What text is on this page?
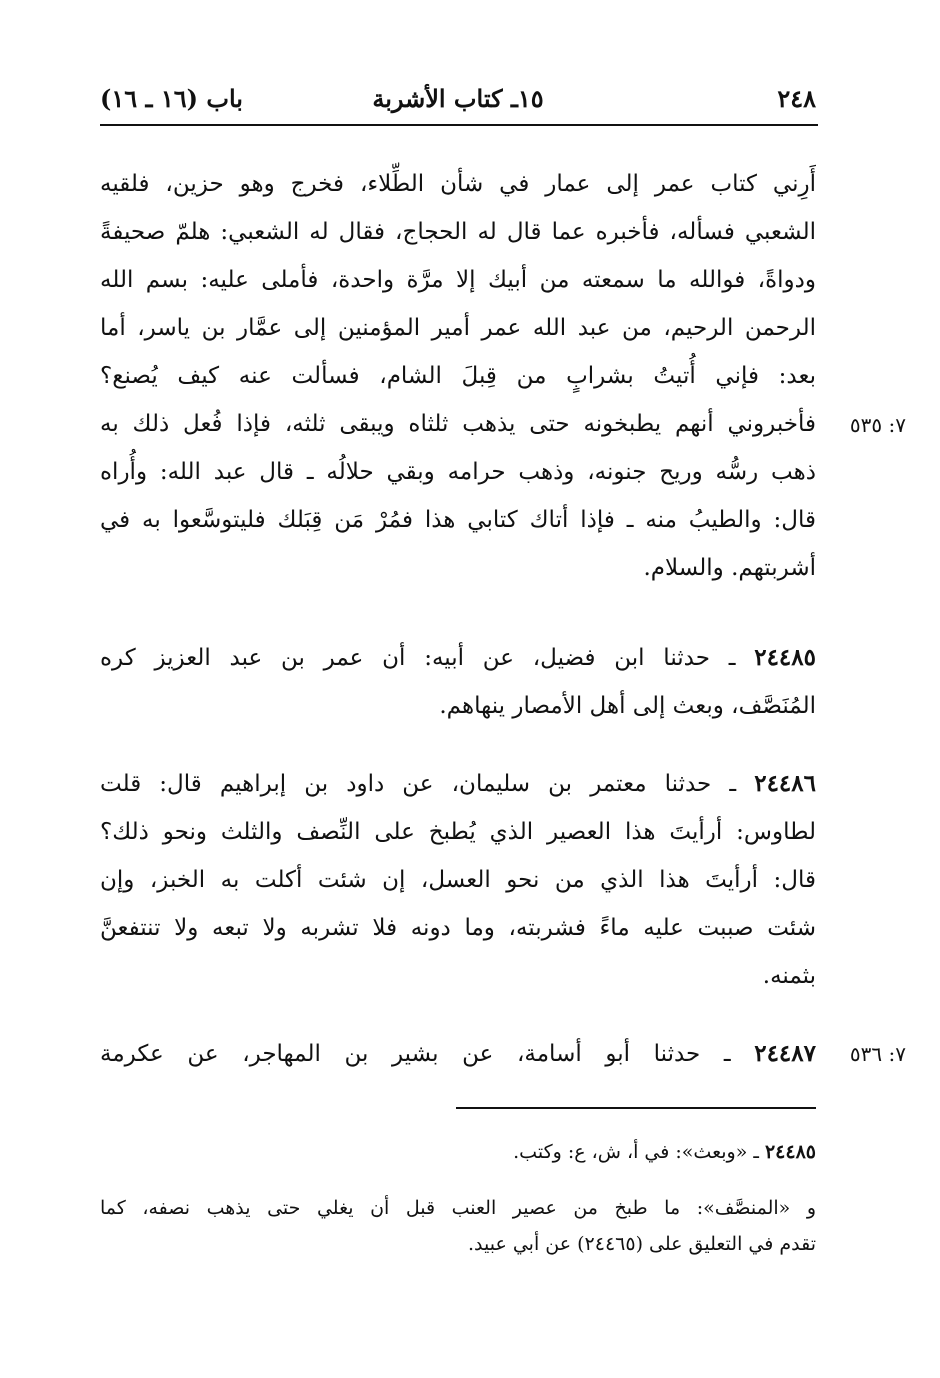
٢٤٨
١٥ـ كتاب الأشربة
باب (١٦ ـ ١٦)
أَرِني كتاب عمر إلى عمار في شأن الطِّلاء، فخرج وهو حزين، فلقيه
الشعبي فسأله، فأخبره عما قال له الحجاج، فقال له الشعبي: هلمّ صحيفةً
ودواةً، فوالله ما سمعته من أبيك إلا مرَّة واحدة، فأملى عليه: بسم الله
الرحمن الرحيم، من عبد الله عمر أمير المؤمنين إلى عمَّار بن ياسر، أما
بعد: فإني أُتيتُ بشرابٍ من قِبلَ الشام، فسألت عنه كيف يُصنع؟
فأخبروني أنهم يطبخونه حتى يذهب ثلثاه ويبقى ثلثه، فإذا فُعل ذلك به
ذهب رسُّه وريح جنونه، وذهب حرامه وبقي حلالُه ـ قال عبد الله: وأُراه
قال: والطيبُ منه ـ فإذا أتاك كتابي هذا فمُرْ مَن قِبَلك فليتوسَّعوا به في
أشربتهم. والسلام.
٧: ٥٣٥
٢٤٤٨٥ ـ حدثنا ابن فضيل، عن أبيه: أن عمر بن عبد العزيز كره
المُنَصَّف، وبعث إلى أهل الأمصار ينهاهم.
٢٤٤٨٦ ـ حدثنا معتمر بن سليمان، عن داود بن إبراهيم قال: قلت
لطاوس: أرأيتَ هذا العصير الذي يُطبخ على النِّصف والثلث ونحو ذلك؟
قال: أرأيتَ هذا الذي من نحو العسل، إن شئت أكلت به الخبز، وإن
شئت صببت عليه ماءً فشربته، وما دونه فلا تشربه ولا تبعه ولا تنتفعنَّ
بثمنه.
٢٤٤٨٧ ـ حدثنا أبو أسامة، عن بشير بن المهاجر، عن عكرمة	٧: ٥٣٦
٢٤٤٨٥ ـ «وبعث»: في أ، ش، ع: وكتب.
و «المنصَّف»: ما طبخ من عصير العنب قبل أن يغلي حتى يذهب نصفه، كما
تقدم في التعليق على (٢٤٤٦٥) عن أبي عبيد.
